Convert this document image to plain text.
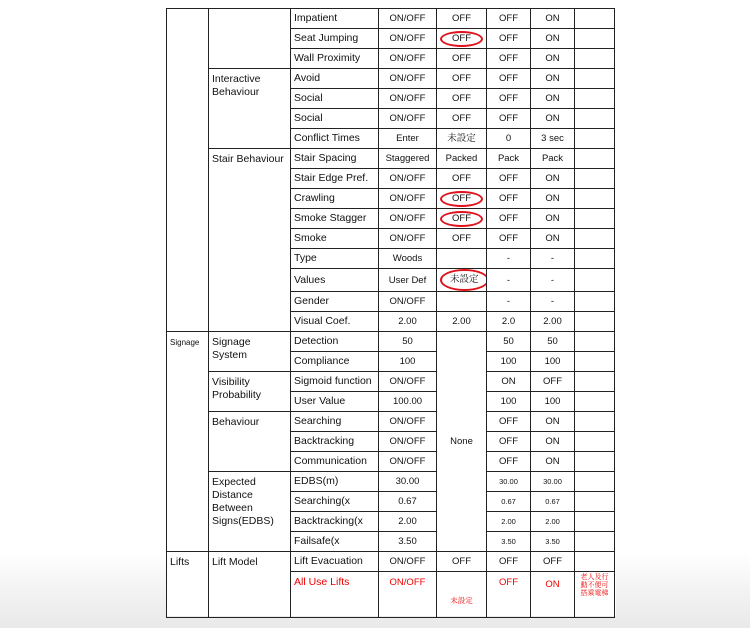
		Impatient	ON/OFF	OFF	OFF	ON	
		Seat Jumping	ON/OFF	OFF	OFF	ON	
		Wall Proximity	ON/OFF	OFF	OFF	ON	
	Interactive Behaviour	Avoid	ON/OFF	OFF	OFF	ON	
		Social	ON/OFF	OFF	OFF	ON	
		Social	ON/OFF	OFF	OFF	ON	
		Conflict Times	Enter	未設定	0	3 sec	
	Stair Behaviour	Stair Spacing	Staggered	Packed	Pack	Pack	
		Stair Edge Pref.	ON/OFF	OFF	OFF	ON	
		Crawling	ON/OFF	OFF	OFF	ON	
		Smoke Stagger	ON/OFF	OFF	OFF	ON	
		Smoke	ON/OFF	OFF	OFF	ON	
		Type	Woods		-	-	
		Values	User Def	未設定	-	-	
		Gender	ON/OFF		-	-	
		Visual Coef.	2.00	2.00	2.0	2.00	
Signage	Signage System	Detection	50	None	50	50	
		Compliance	100		100	100	
	Visibility Probability	Sigmoid function	ON/OFF		ON	OFF	
		User Value	100.00		100	100	
	Behaviour	Searching	ON/OFF		OFF	ON	
		Backtracking	ON/OFF		OFF	ON	
		Communication	ON/OFF		OFF	ON	
	Expected Distance Between Signs(EDBS)	EDBS(m)	30.00		30.00	30.00	
		Searching(x	0.67		0.67	0.67	
		Backtracking(x	2.00		2.00	2.00	
		Failsafe(x	3.50		3.50	3.50	
Lifts	Lift Model	Lift Evacuation	ON/OFF	OFF	OFF	OFF	
		All Use Lifts	ON/OFF	未設定	OFF	ON	老人及行動不便可搭乘電梯
